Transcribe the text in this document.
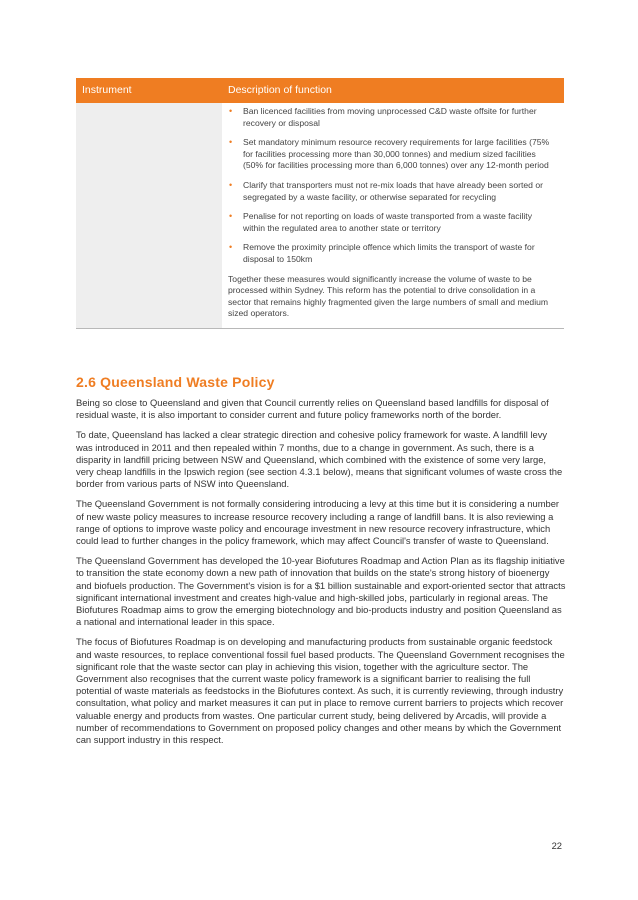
Instrument	Description of function
• Ban licenced facilities from moving unprocessed C&D waste offsite for further recovery or disposal
• Set mandatory minimum resource recovery requirements for large facilities (75% for facilities processing more than 30,000 tonnes) and medium sized facilities (50% for facilities processing more than 6,000 tonnes) over any 12-month period
• Clarify that transporters must not re-mix loads that have already been sorted or segregated by a waste facility, or otherwise separated for recycling
• Penalise for not reporting on loads of waste transported from a waste facility within the regulated area to another state or territory
• Remove the proximity principle offence which limits the transport of waste for disposal to 150km

Together these measures would significantly increase the volume of waste to be processed within Sydney. This reform has the potential to drive consolidation in a sector that remains highly fragmented given the large numbers of small and medium sized operators.

2.6 Queensland Waste Policy

Being so close to Queensland and given that Council currently relies on Queensland based landfills for disposal of residual waste, it is also important to consider current and future policy frameworks north of the border.

To date, Queensland has lacked a clear strategic direction and cohesive policy framework for waste. A landfill levy was introduced in 2011 and then repealed within 7 months, due to a change in government. As such, there is a disparity in landfill pricing between NSW and Queensland, which combined with the existence of some very large, very cheap landfills in the Ipswich region (see section 4.3.1 below), means that significant volumes of waste cross the border from various parts of NSW into Queensland.

The Queensland Government is not formally considering introducing a levy at this time but it is considering a number of new waste policy measures to increase resource recovery including a range of landfill bans. It is also reviewing a range of options to improve waste policy and encourage investment in new resource recovery infrastructure, which could lead to further changes in the policy framework, which may affect Council's transfer of waste to Queensland.

The Queensland Government has developed the 10-year Biofutures Roadmap and Action Plan as its flagship initiative to transition the state economy down a new path of innovation that builds on the state's strong history of bioenergy and biofuels production. The Government's vision is for a $1 billion sustainable and export-oriented sector that attracts significant international investment and creates high-value and high-skilled jobs, particularly in regional areas. The Biofutures Roadmap aims to grow the emerging biotechnology and bio-products industry and position Queensland as a national and international leader in this space.

The focus of Biofutures Roadmap is on developing and manufacturing products from sustainable organic feedstock and waste resources, to replace conventional fossil fuel based products. The Queensland Government recognises the significant role that the waste sector can play in achieving this vision, together with the agriculture sector. The Government also recognises that the current waste policy framework is a significant barrier to realising the full potential of waste materials as feedstocks in the Biofutures context. As such, it is currently reviewing, through industry consultation, what policy and market measures it can put in place to remove current barriers to projects which recover valuable energy and products from wastes. One particular current study, being delivered by Arcadis, will provide a number of recommendations to Government on proposed policy changes and other means by which the Government can support industry in this respect.

22
